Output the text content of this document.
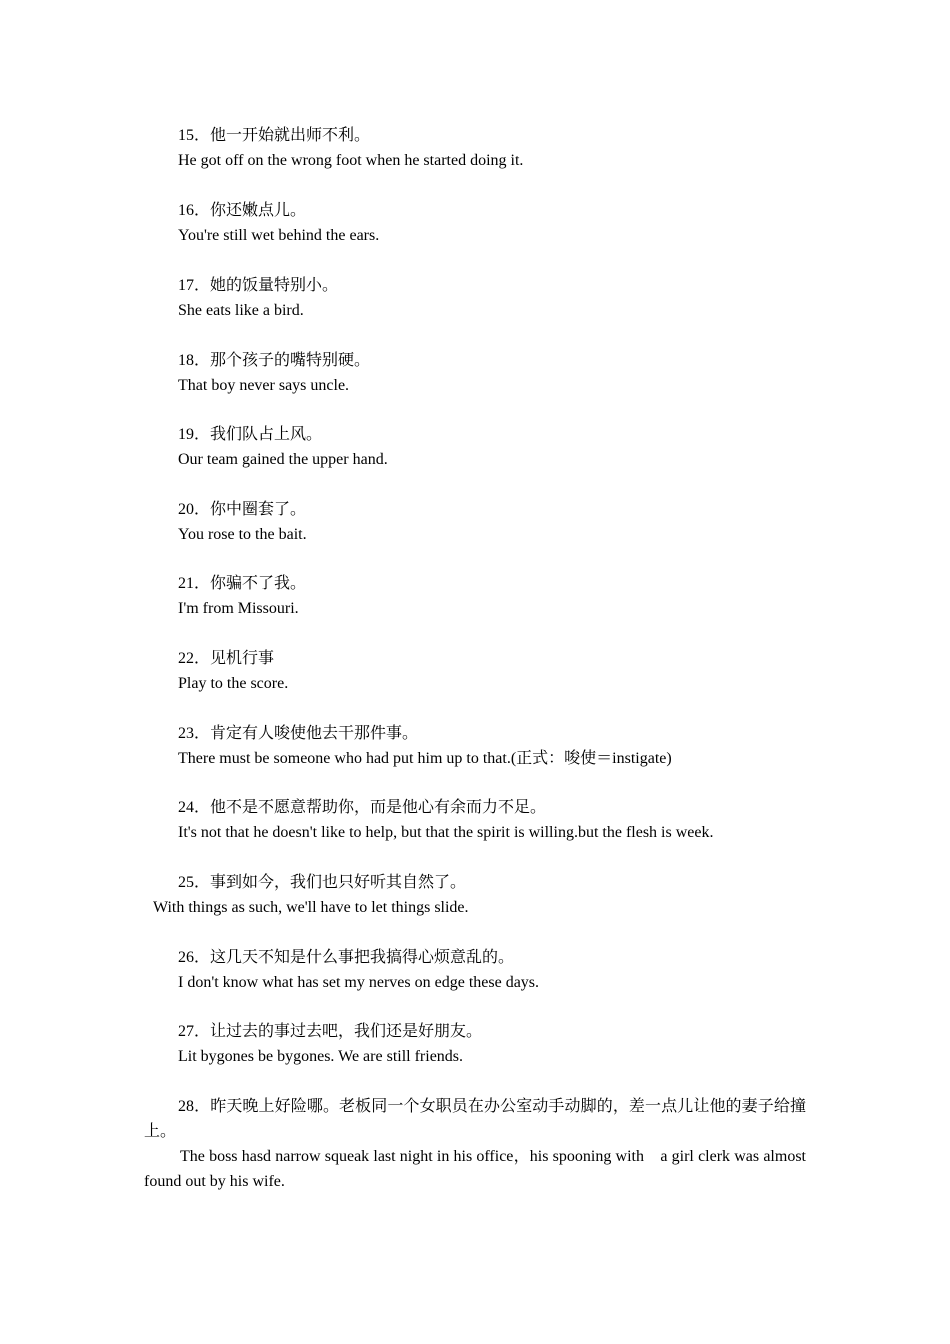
15．他一开始就出师不利。
He got off on the wrong foot when he started doing it.
16．你还嫩点儿。
You're still wet behind the ears.
17．她的饭量特别小。
She eats like a bird.
18．那个孩子的嘴特别硬。
That boy never says uncle.
19．我们队占上风。
Our team gained the upper hand.
20．你中圈套了。
You rose to the bait.
21．你骗不了我。
I'm from Missouri.
22．见机行事
Play to the score.
23．肯定有人唆使他去干那件事。
There must be someone who had put him up to that.(正式：唆使＝instigate)
24．他不是不愿意帮助你，而是他心有余而力不足。
It's not that he doesn't like to help, but that the spirit is willing.but the flesh is week.
25．事到如今，我们也只好听其自然了。
With things as such, we'll have to let things slide.
26．这几天不知是什么事把我搞得心烦意乱的。
I don't know what has set my nerves on edge these days.
27．让过去的事过去吧，我们还是好朋友。
Lit bygones be bygones. We are still friends.
28．昨天晚上好险哪。老板同一个女职员在办公室动手动脚的，差一点儿让他的妻子给撞上。
The boss hasd narrow squeak last night in his office，his spooning with　a girl clerk was almost found out by his wife.
